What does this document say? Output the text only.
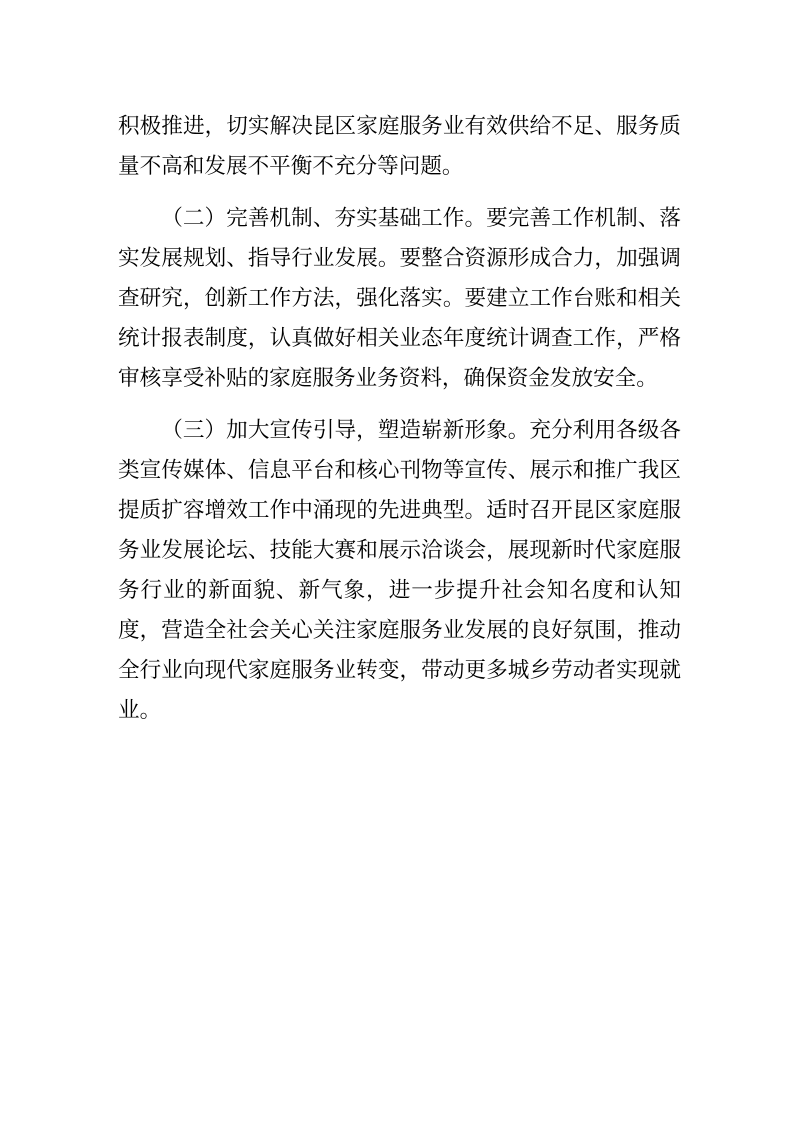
积极推进，切实解决昆区家庭服务业有效供给不足、服务质量不高和发展不平衡不充分等问题。

（二）完善机制、夯实基础工作。要完善工作机制、落实发展规划、指导行业发展。要整合资源形成合力，加强调查研究，创新工作方法，强化落实。要建立工作台账和相关统计报表制度，认真做好相关业态年度统计调查工作，严格审核享受补贴的家庭服务业务资料，确保资金发放安全。

（三）加大宣传引导，塑造崭新形象。充分利用各级各类宣传媒体、信息平台和核心刊物等宣传、展示和推广我区提质扩容增效工作中涌现的先进典型。适时召开昆区家庭服务业发展论坛、技能大赛和展示洽谈会，展现新时代家庭服务行业的新面貌、新气象，进一步提升社会知名度和认知度，营造全社会关心关注家庭服务业发展的良好氛围，推动全行业向现代家庭服务业转变，带动更多城乡劳动者实现就业。
